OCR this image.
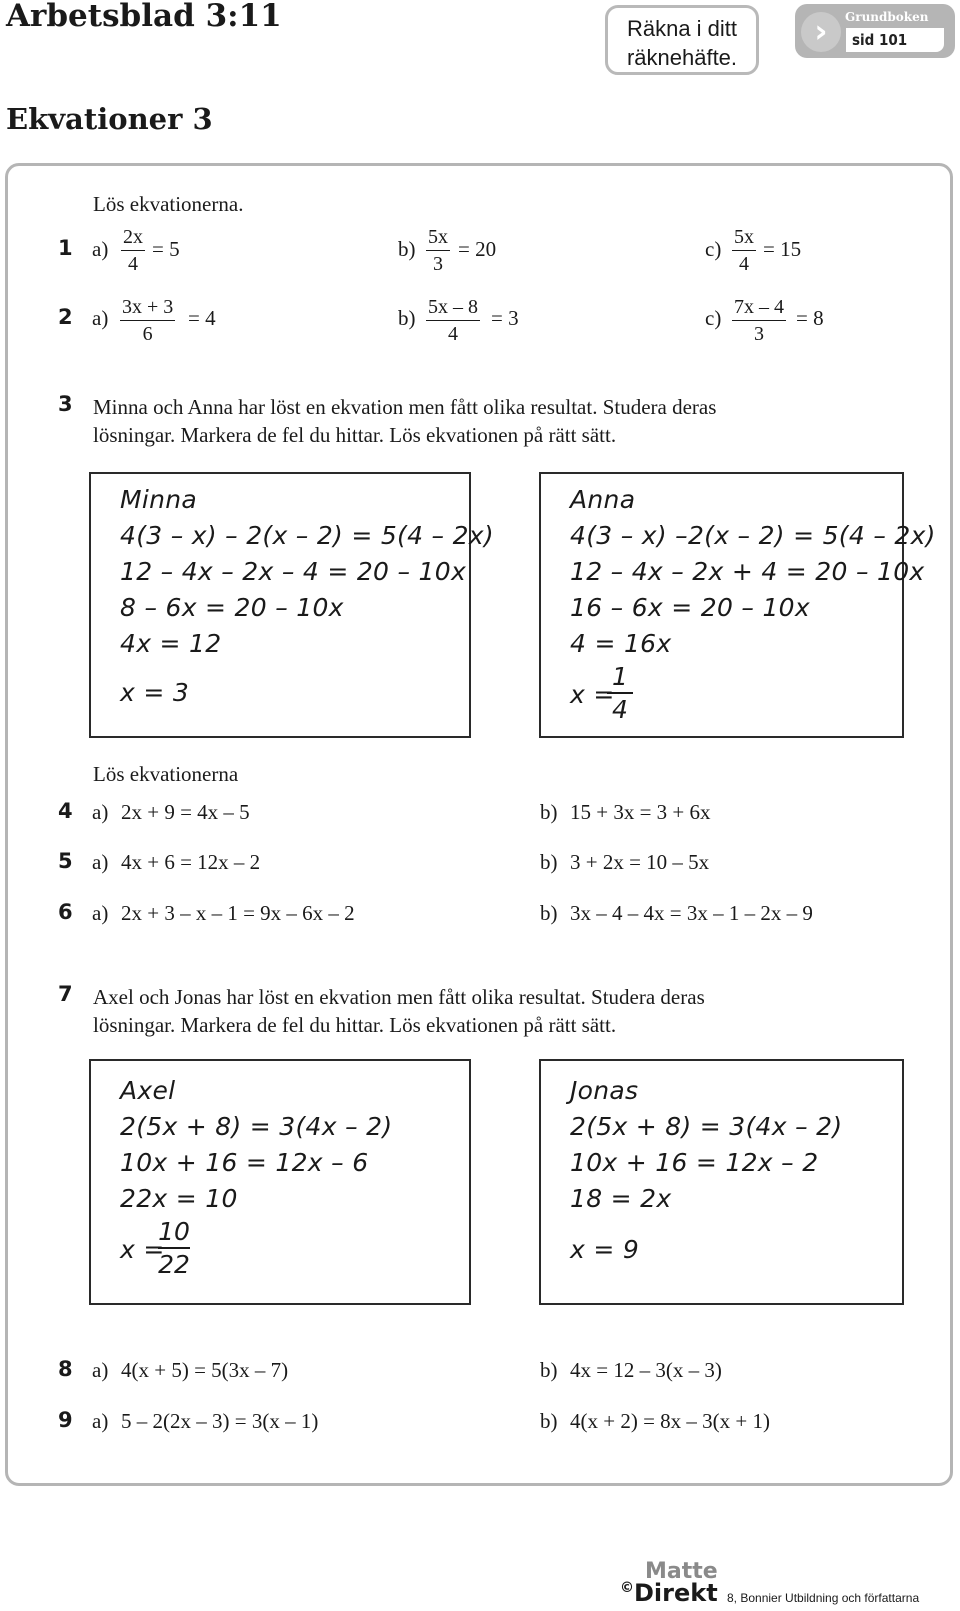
Arbetsblad 3:11
Ekvationer 3
Räkna i ditt
räknehäfte.
›	Grundboken
sid 101
Lös ekvationerna.
1 $a) \frac{2x}{4} = 5$	$b) \frac{5x}{3} = 20$	$c) \frac{5x}{4} = 15$
2 $a) \frac{3x + 3}{6} = 4$	$b) \frac{5x - 8}{4} = 3$	$c) \frac{7x - 4}{3} = 8$
3 Minna och Anna har löst en ekvation men fått olika resultat. Studera deras
lösningar. Markera de fel du hittar. Lös ekvationen på rätt sätt.
Minna
4(3 – x) – 2(x – 2) = 5(4 – 2x)
12 – 4x – 2x – 4 = 20 – 10x
8 – 6x = 20 – 10x
4x = 12
x = 3
Anna
4(3 – x) –2(x – 2) = 5(4 – 2x)
12 – 4x – 2x + 4 = 20 – 10x
16 – 6x = 20 – 10x
4 = 16x
x =
$\frac{1}{4}$
Lös ekvationerna
4 a) 2x + 9 = 4x – 5	b) 15 + 3x = 3 + 6x
5 a) 4x + 6 = 12x – 2	b) 3 + 2x = 10 – 5x
6 a) 2x + 3 – x – 1 = 9x – 6x – 2	b) 3x – 4 – 4x = 3x – 1 – 2x – 9
7 Axel och Jonas har löst en ekvation men fått olika resultat. Studera deras
lösningar. Markera de fel du hittar. Lös ekvationen på rätt sätt.
Axel
2(5x + 8) = 3(4x – 2)
10x + 16 = 12x – 6
22x = 10
x =
$\frac{10}{22}$
Jonas
2(5x + 8) = 3(4x – 2)
10x + 16 = 12x – 2
18 = 2x
x = 9
8 a) 4(x + 5) = 5(3x – 7)	b) 4x = 12 – 3(x – 3)
9 a) 5 – 2(2x – 3) = 3(x – 1)	b) 4(x + 2) = 8x – 3(x + 1)
©
Matte
Direkt 8, Bonnier Utbildning och författarna
